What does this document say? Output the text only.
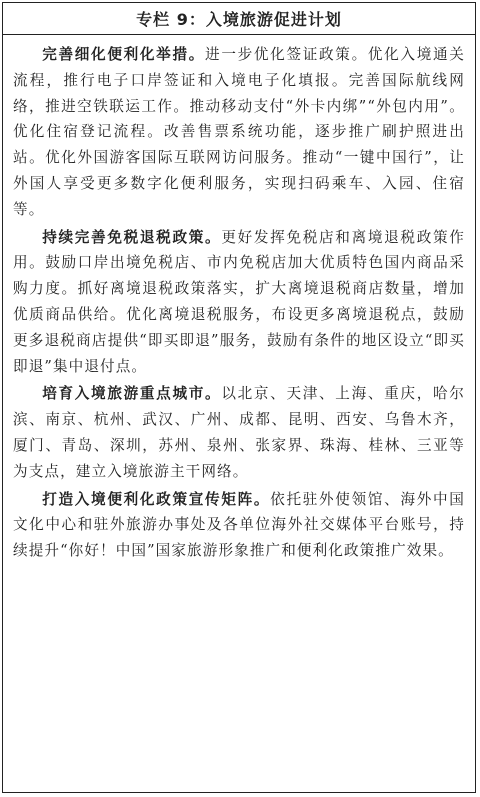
专栏 9：入境旅游促进计划

完善细化便利化举措。进一步优化签证政策。优化入境通关流程，推行电子口岸签证和入境电子化填报。完善国际航线网络，推进空铁联运工作。推动移动支付“外卡内绑”“外包内用”。优化住宿登记流程。改善售票系统功能，逐步推广刷护照进出站。优化外国游客国际互联网访问服务。推动“一键中国行”，让外国人享受更多数字化便利服务，实现扫码乘车、入园、住宿等。

持续完善免税退税政策。更好发挥免税店和离境退税政策作用。鼓励口岸出境免税店、市内免税店加大优质特色国内商品采购力度。抓好离境退税政策落实，扩大离境退税商店数量，增加优质商品供给。优化离境退税服务，布设更多离境退税点，鼓励更多退税商店提供“即买即退”服务，鼓励有条件的地区设立“即买即退”集中退付点。

培育入境旅游重点城市。以北京、天津、上海、重庆，哈尔滨、南京、杭州、武汉、广州、成都、昆明、西安、乌鲁木齐，厦门、青岛、深圳，苏州、泉州、张家界、珠海、桂林、三亚等为支点，建立入境旅游主干网络。

打造入境便利化政策宣传矩阵。依托驻外使领馆、海外中国文化中心和驻外旅游办事处及各单位海外社交媒体平台账号，持续提升“你好！中国”国家旅游形象推广和便利化政策推广效果。
